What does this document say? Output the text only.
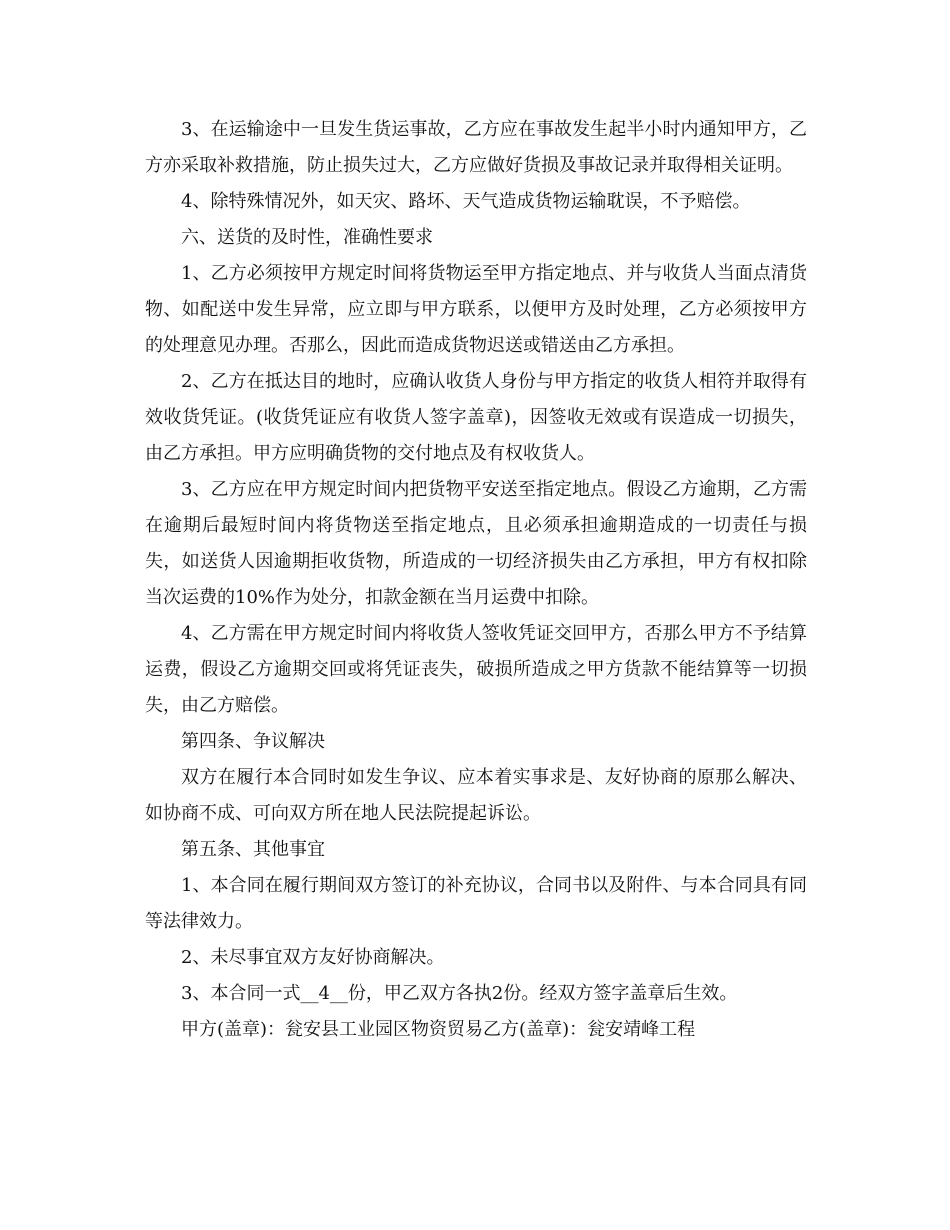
3、在运输途中一旦发生货运事故，乙方应在事故发生起半小时内通知甲方，乙方亦采取补救措施，防止损失过大，乙方应做好货损及事故记录并取得相关证明。

4、除特殊情况外，如天灾、路坏、天气造成货物运输耽误，不予赔偿。

六、送货的及时性，准确性要求

1、乙方必须按甲方规定时间将货物运至甲方指定地点、并与收货人当面点清货物、如配送中发生异常，应立即与甲方联系，以便甲方及时处理，乙方必须按甲方的处理意见办理。否那么，因此而造成货物迟送或错送由乙方承担。

2、乙方在抵达目的地时，应确认收货人身份与甲方指定的收货人相符并取得有效收货凭证。(收货凭证应有收货人签字盖章)，因签收无效或有误造成一切损失，由乙方承担。甲方应明确货物的交付地点及有权收货人。

3、乙方应在甲方规定时间内把货物平安送至指定地点。假设乙方逾期，乙方需在逾期后最短时间内将货物送至指定地点，且必须承担逾期造成的一切责任与损失，如送货人因逾期拒收货物，所造成的一切经济损失由乙方承担，甲方有权扣除当次运费的10%作为处分，扣款金额在当月运费中扣除。

4、乙方需在甲方规定时间内将收货人签收凭证交回甲方，否那么甲方不予结算运费，假设乙方逾期交回或将凭证丧失，破损所造成之甲方货款不能结算等一切损失，由乙方赔偿。

第四条、争议解决

双方在履行本合同时如发生争议、应本着实事求是、友好协商的原那么解决、如协商不成、可向双方所在地人民法院提起诉讼。

第五条、其他事宜

1、本合同在履行期间双方签订的补充协议，合同书以及附件、与本合同具有同等法律效力。

2、未尽事宜双方友好协商解决。

3、本合同一式__4__份，甲乙双方各执2份。经双方签字盖章后生效。

甲方(盖章)：瓮安县工业园区物资贸易乙方(盖章)：瓮安靖峰工程
